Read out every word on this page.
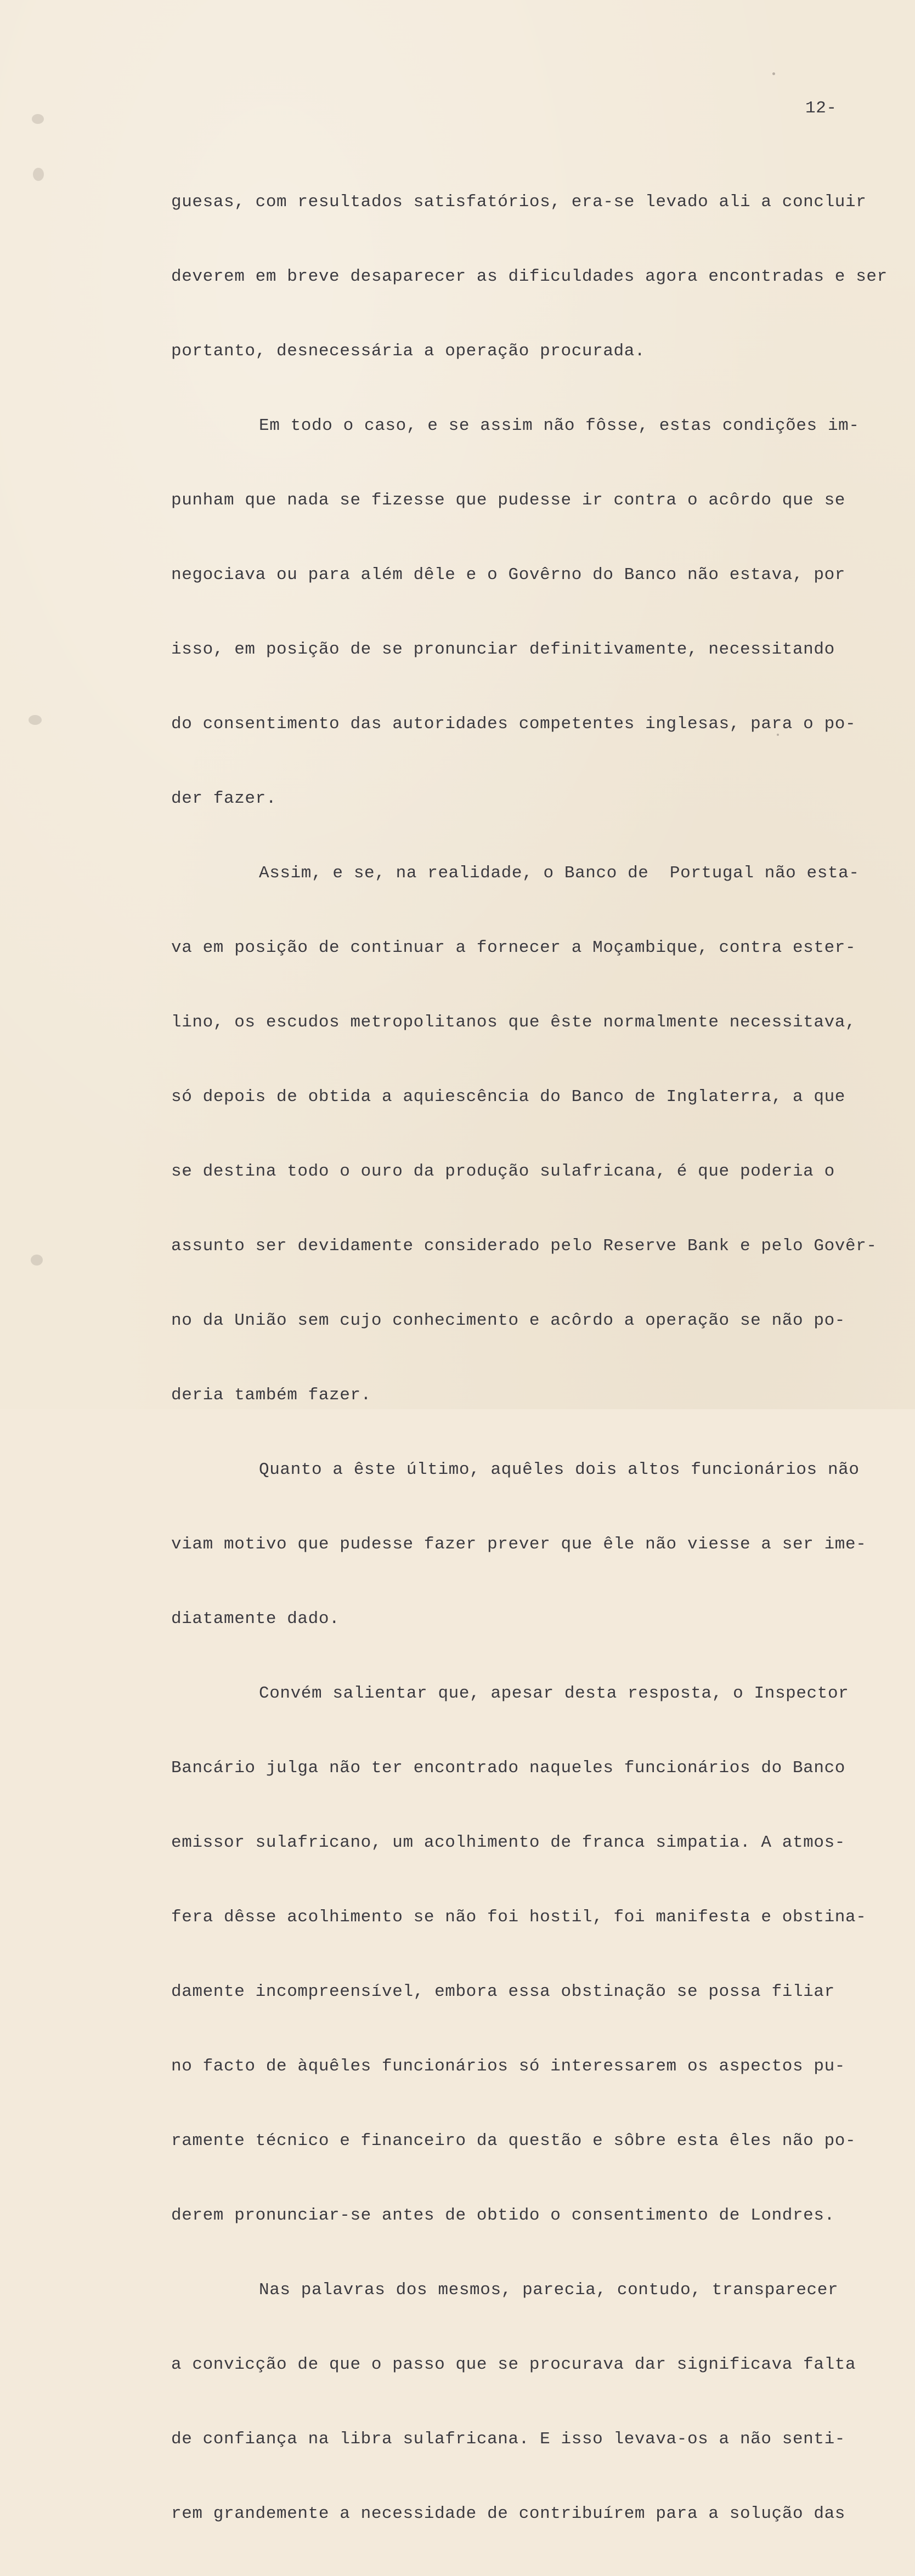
12-

guesas, com resultados satisfatórios, era-se levado ali a concluir

deverem em breve desaparecer as dificuldades agora encontradas e ser

portanto, desnecessária a operação procurada.

Em todo o caso, e se assim não fôsse, estas condições im-

punham que nada se fizesse que pudesse ir contra o acôrdo que se

negociava ou para além dêle e o Govêrno do Banco não estava, por

isso, em posição de se pronunciar definitivamente, necessitando

do consentimento das autoridades competentes inglesas, para o po-

der fazer.

Assim, e se, na realidade, o Banco de  Portugal não esta-

va em posição de continuar a fornecer a Moçambique, contra ester-

lino, os escudos metropolitanos que êste normalmente necessitava,

só depois de obtida a aquiescência do Banco de Inglaterra, a que

se destina todo o ouro da produção sulafricana, é que poderia o

assunto ser devidamente considerado pelo Reserve Bank e pelo Govêr-

no da União sem cujo conhecimento e acôrdo a operação se não po-

deria também fazer.

Quanto a êste último, aquêles dois altos funcionários não

viam motivo que pudesse fazer prever que êle não viesse a ser ime-

diatamente dado.

Convém salientar que, apesar desta resposta, o Inspector

Bancário julga não ter encontrado naqueles funcionários do Banco

emissor sulafricano, um acolhimento de franca simpatia. A atmos-

fera dêsse acolhimento se não foi hostil, foi manifesta e obstina-

damente incompreensível, embora essa obstinação se possa filiar

no facto de àquêles funcionários só interessarem os aspectos pu-

ramente técnico e financeiro da questão e sôbre esta êles não po-

derem pronunciar-se antes de obtido o consentimento de Londres.

Nas palavras dos mesmos, parecia, contudo, transparecer

a convicção de que o passo que se procurava dar significava falta

de confiança na libra sulafricana. E isso levava-os a não senti-

rem grandemente a necessidade de contribuírem para a solução das
